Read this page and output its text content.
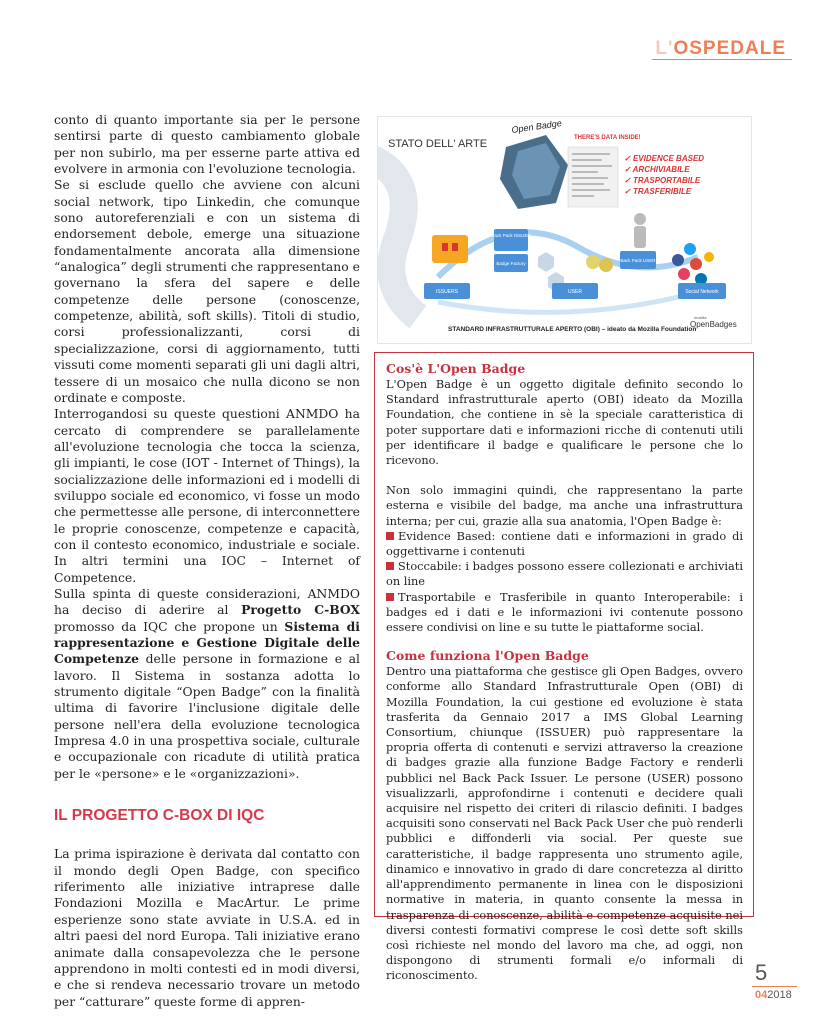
L'OSPEDALE

conto di quanto importante sia per le persone sentirsi parte di questo cambiamento globale per non subirlo, ma per esserne parte attiva ed evolvere in armonia con l'evoluzione tecnologia.

Se si esclude quello che avviene con alcuni social network, tipo Linkedin, che comunque sono autoreferenziali e con un sistema di endorsement debole, emerge una situazione fondamentalmente ancorata alla dimensione “analogica” degli strumenti che rappresentano e governano la sfera del sapere e delle competenze delle persone (conoscenze, competenze, abilità, soft skills). Titoli di studio, corsi professionalizzanti, corsi di specializzazione, corsi di aggiornamento, tutti vissuti come momenti separati gli uni dagli altri, tessere di un mosaico che nulla dicono se non ordinate e composte.

Interrogandosi su queste questioni ANMDO ha cercato di comprendere se parallelamente all'evoluzione tecnologia che tocca la scienza, gli impianti, le cose (IOT - Internet of Things), la socializzazione delle informazioni ed i modelli di sviluppo sociale ed economico, vi fosse un modo che permettesse alle persone, di interconnettere le proprie conoscenze, competenze e capacità, con il contesto economico, industriale e sociale. In altri termini una IOC – Internet of Competence.

Sulla spinta di queste considerazioni, ANMDO ha deciso di aderire al Progetto C-BOX promosso da IQC che propone un Sistema di rappresentazione e Gestione Digitale delle Competenze delle persone in formazione e al lavoro. Il Sistema in sostanza adotta lo strumento digitale “Open Badge” con la finalità ultima di favorire l'inclusione digitale delle persone nell'era della evoluzione tecnologica Impresa 4.0 in una prospettiva sociale, culturale e occupazionale con ricadute di utilità pratica per le «persone» e le «organizzazioni».

IL PROGETTO C-BOX DI IQC

La prima ispirazione è derivata dal contatto con il mondo degli Open Badge, con specifico riferimento alle iniziative intraprese dalle Fondazioni Mozilla e MacArtur. Le prime esperienze sono state avviate in U.S.A. ed in altri paesi del nord Europa. Tali iniziative erano animate dalla consapevolezza che le persone apprendono in molti contesti ed in modi diversi, e che si rendeva necessario trovare un metodo per “catturare” queste forme di appren-

STATO DELL' ARTE
Open Badge
THERE'S DATA INSIDE!
✓ EVIDENCE BASED
✓ ARCHIVIABILE
✓ TRASPORTABILE
✓ TRASFERIBILE
Back Pack ISSUER
Badge Factory
ISSUERS	USER
Back Pack USER
Social Network
STANDARD INFRASTRUTTURALE APERTO (OBI) – ideato da Mozilla Foundation
mozilla
OpenBadges
Cos'è L'Open Badge

L'Open Badge è un oggetto digitale definito secondo lo Standard infrastrutturale aperto (OBI) ideato da Mozilla Foundation, che contiene in sè la speciale caratteristica di poter supportare dati e informazioni ricche di contenuti utili per identificare il badge e qualificare le persone che lo ricevono.

Non solo immagini quindi, che rappresentano la parte esterna e visibile del badge, ma anche una infrastruttura interna; per cui, grazie alla sua anatomia, l'Open Badge è:

Evidence Based: contiene dati e informazioni in grado di oggettivarne i contenuti

Stoccabile: i badges possono essere collezionati e archiviati on line

Trasportabile e Trasferibile in quanto Interoperabile: i badges ed i dati e le informazioni ivi contenute possono essere condivisi on line e su tutte le piattaforme social.

Come funziona l'Open Badge

Dentro una piattaforma che gestisce gli Open Badges, ovvero conforme allo Standard Infrastrutturale Open (OBI) di Mozilla Foundation, la cui gestione ed evoluzione è stata trasferita da Gennaio 2017 a IMS Global Learning Consortium, chiunque (ISSUER) può rappresentare la propria offerta di contenuti e servizi attraverso la creazione di badges grazie alla funzione Badge Factory e renderli pubblici nel Back Pack Issuer. Le persone (USER) possono visualizzarli, approfondirne i contenuti e decidere quali acquisire nel rispetto dei criteri di rilascio definiti. I badges acquisiti sono conservati nel Back Pack User che può renderli pubblici e diffonderli via social. Per queste sue caratteristiche, il badge rappresenta uno strumento agile, dinamico e innovativo in grado di dare concretezza al diritto all'apprendimento permanente in linea con le disposizioni normative in materia, in quanto consente la messa in trasparenza di conoscenze, abilità e competenze acquisite nei diversi contesti formativi comprese le così dette soft skills così richieste nel mondo del lavoro ma che, ad oggi, non dispongono di strumenti formali e/o informali di riconoscimento.	5
042018
